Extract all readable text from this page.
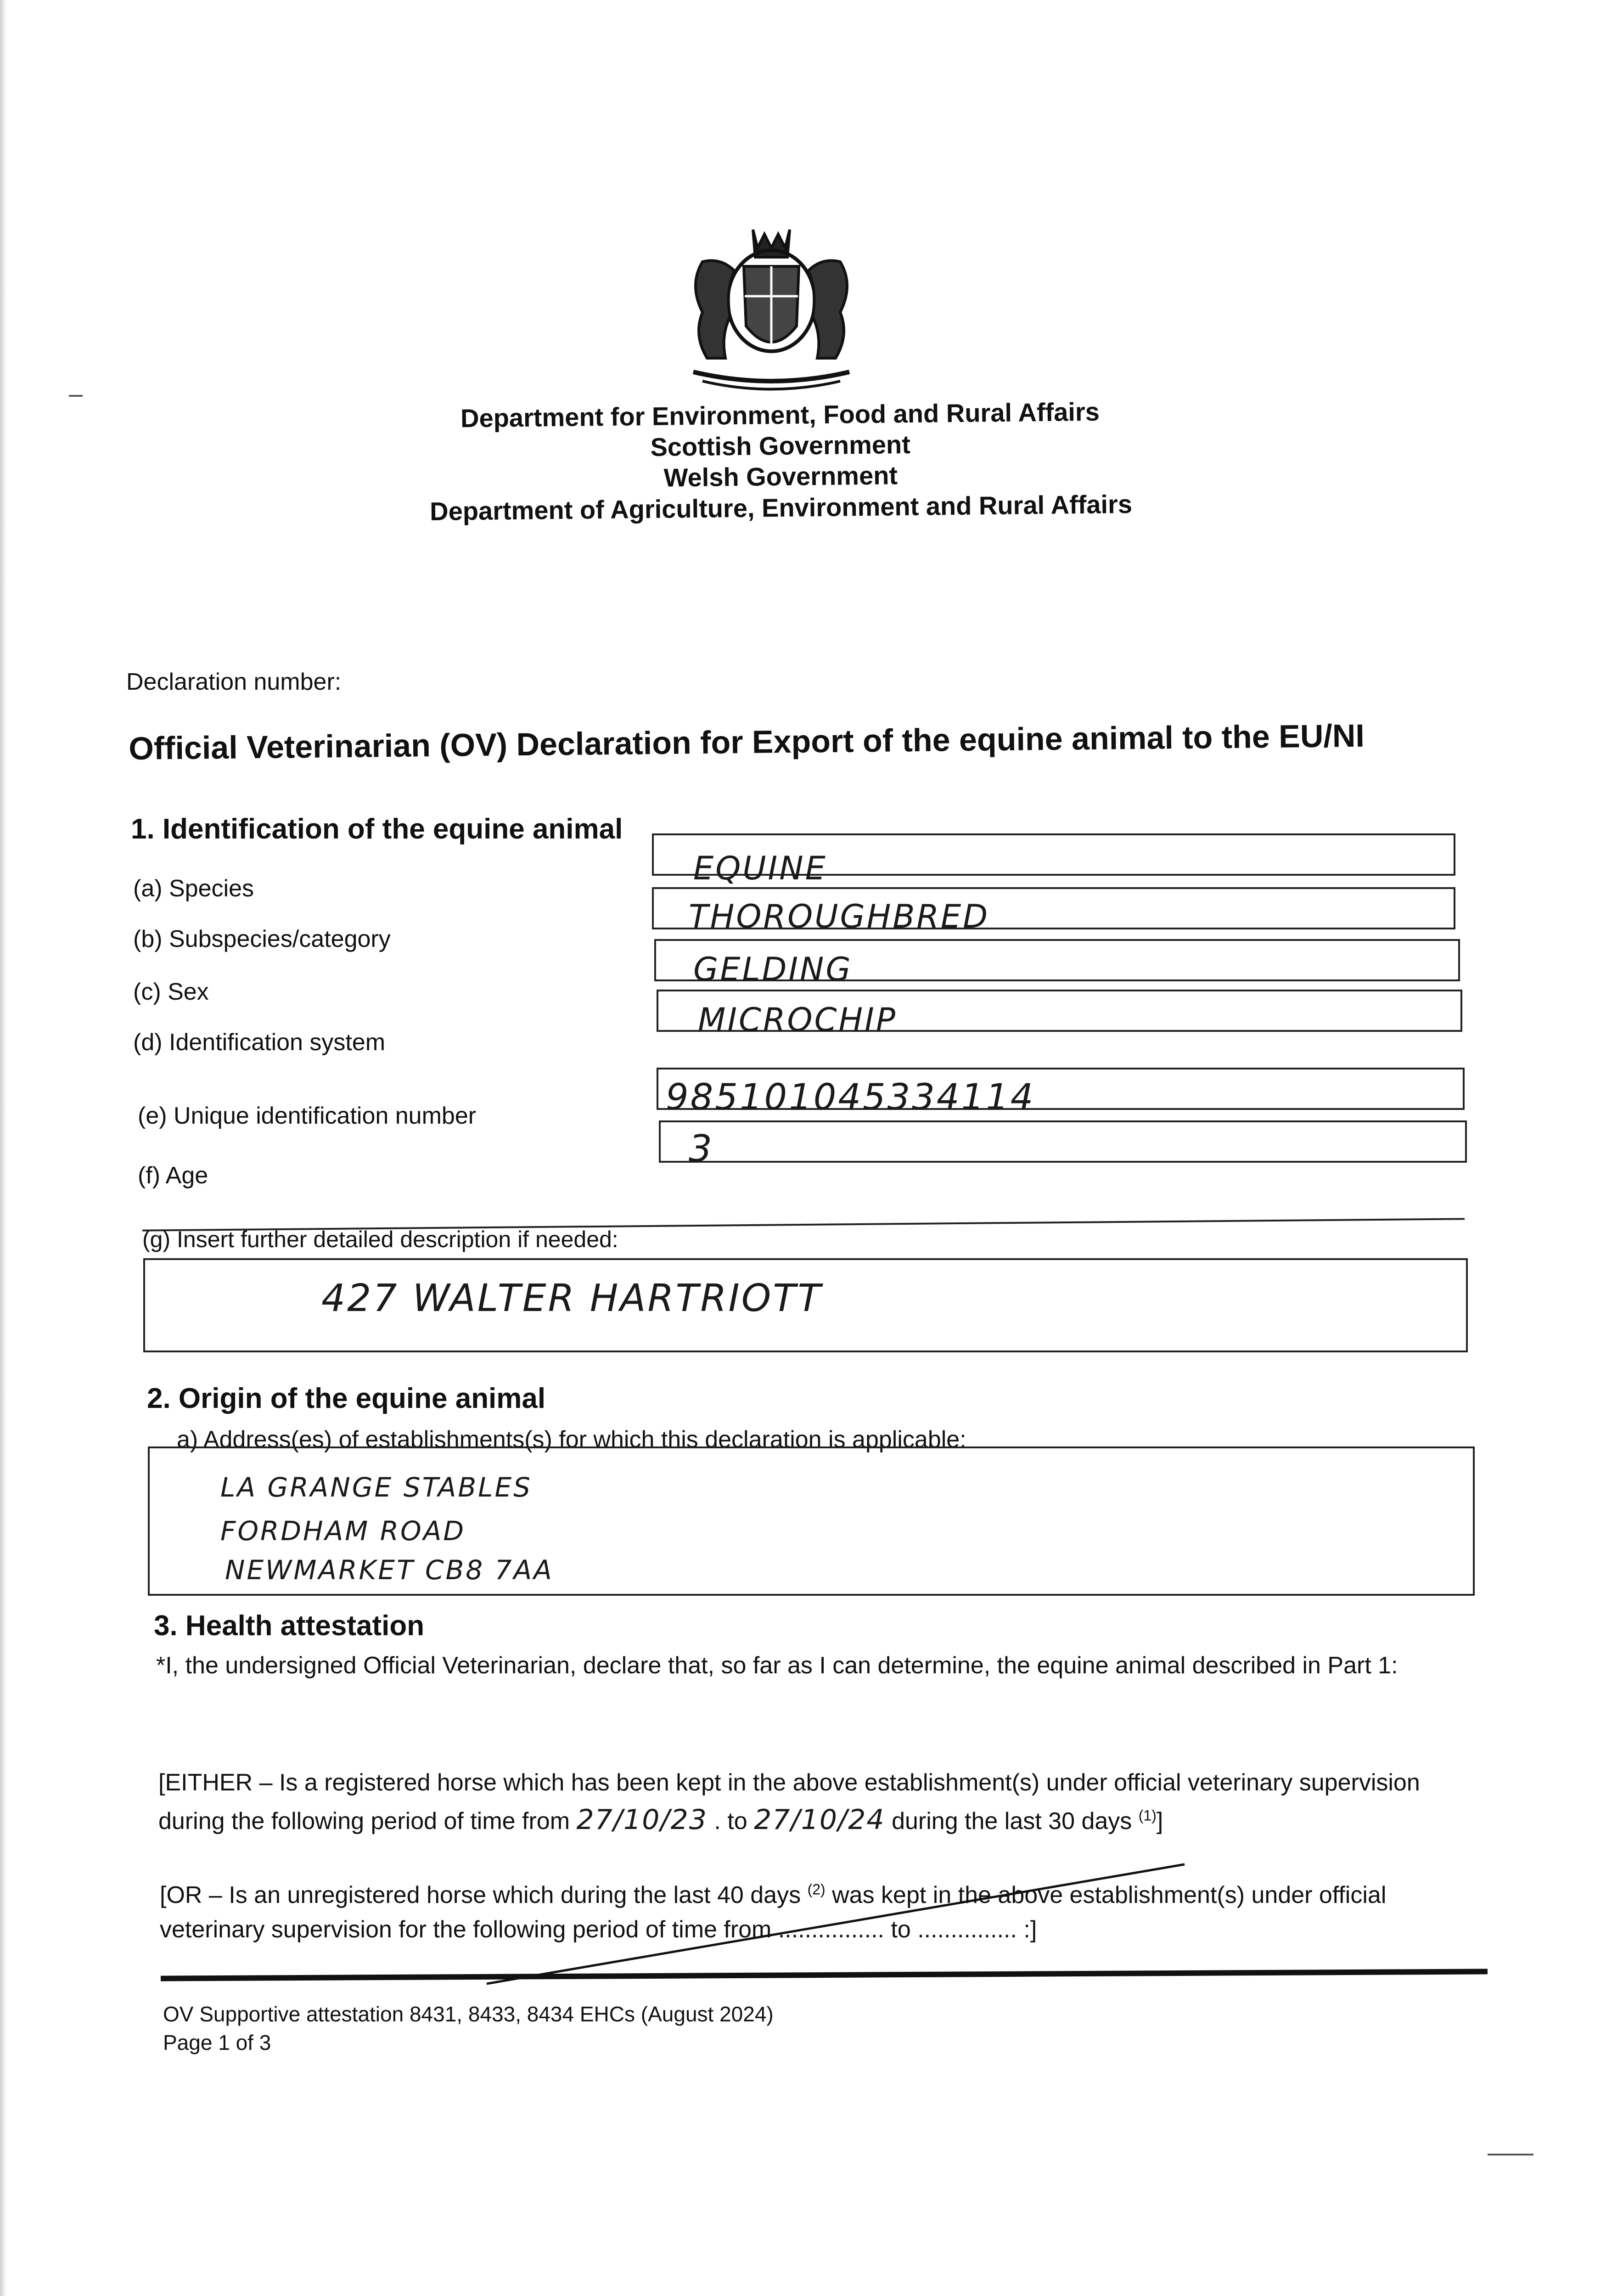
Department for Environment, Food and Rural Affairs
Scottish Government
Welsh Government
Department of Agriculture, Environment and Rural Affairs
Declaration number:
Official Veterinarian (OV) Declaration for Export of the equine animal to the EU/NI
1. Identification of the equine animal
(a) Species
EQUINE
(b) Subspecies/category
THOROUGHBRED
(c) Sex
GELDING
(d) Identification system
MICROCHIP
(e) Unique identification number	985101045334114
(f) Age
3
(g) Insert further detailed description if needed:
427 WALTER HARTRIOTT
2. Origin of the equine animal
a) Address(es) of establishments(s) for which this declaration is applicable:
LA GRANGE STABLES
FORDHAM ROAD
NEWMARKET CB8 7AA
3. Health attestation
*I, the undersigned Official Veterinarian, declare that, so far as I can determine, the equine animal described in Part 1:
[EITHER – Is a registered horse which has been kept in the above establishment(s) under official veterinary supervision during the following period of time from 27/10/23 . to 27/10/24 during the last 30 days $^{(1)}$]
[OR – Is an unregistered horse which during the last 40 days $^{(2)}$ was kept in the above establishment(s) under official veterinary supervision for the following period of time from ................ to ............... :]
OV Supportive attestation 8431, 8433, 8434 EHCs (August 2024)
Page 1 of 3
